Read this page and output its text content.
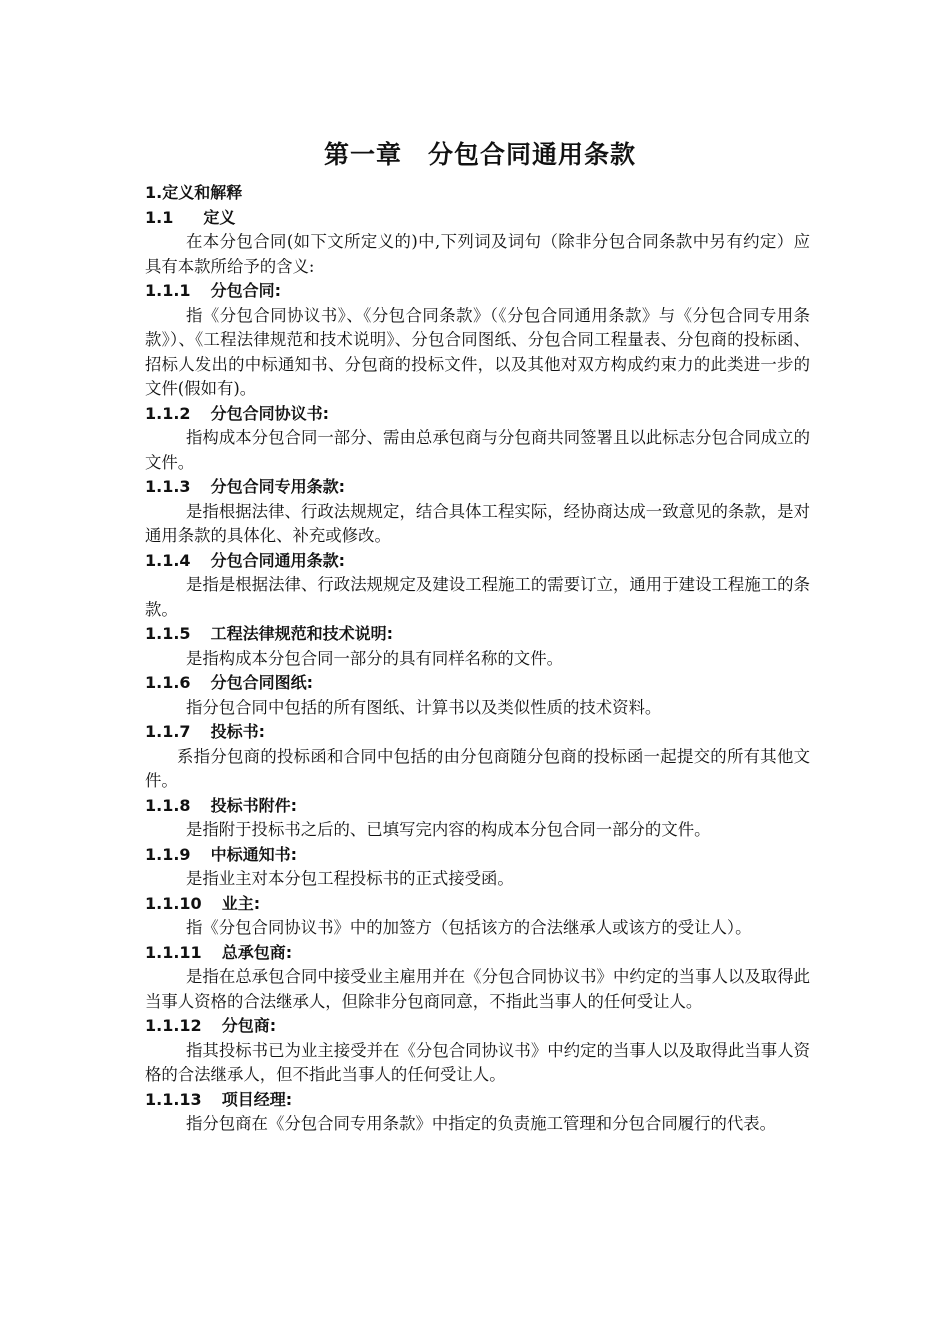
第一章 分包合同通用条款
1.定义和解释
1.1 定义

在本分包合同(如下文所定义的)中,下列词及词句（除非分包合同条款中另有约定）应具有本款所给予的含义:

1.1.1 分包合同:

指《分包合同协议书》、《分包合同条款》（《分包合同通用条款》与《分包合同专用条款》）、《工程法律规范和技术说明》、分包合同图纸、分包合同工程量表、分包商的投标函、招标人发出的中标通知书、分包商的投标文件，以及其他对双方构成约束力的此类进一步的文件(假如有)。

1.1.2 分包合同协议书:

指构成本分包合同一部分、需由总承包商与分包商共同签署且以此标志分包合同成立的文件。

1.1.3 分包合同专用条款:

是指根据法律、行政法规规定，结合具体工程实际，经协商达成一致意见的条款，是对通用条款的具体化、补充或修改。

1.1.4 分包合同通用条款:

是指是根据法律、行政法规规定及建设工程施工的需要订立，通用于建设工程施工的条款。

1.1.5 工程法律规范和技术说明:

是指构成本分包合同一部分的具有同样名称的文件。

1.1.6 分包合同图纸:

指分包合同中包括的所有图纸、计算书以及类似性质的技术资料。

1.1.7 投标书:

系指分包商的投标函和合同中包括的由分包商随分包商的投标函一起提交的所有其他文件。

1.1.8 投标书附件:

是指附于投标书之后的、已填写完内容的构成本分包合同一部分的文件。

1.1.9 中标通知书:

是指业主对本分包工程投标书的正式接受函。

1.1.10 业主:

指《分包合同协议书》中的加签方（包括该方的合法继承人或该方的受让人）。

1.1.11 总承包商:

是指在总承包合同中接受业主雇用并在《分包合同协议书》中约定的当事人以及取得此当事人资格的合法继承人，但除非分包商同意，不指此当事人的任何受让人。

1.1.12 分包商:

指其投标书已为业主接受并在《分包合同协议书》中约定的当事人以及取得此当事人资格的合法继承人，但不指此当事人的任何受让人。

1.1.13 项目经理:

指分包商在《分包合同专用条款》中指定的负责施工管理和分包合同履行的代表。
